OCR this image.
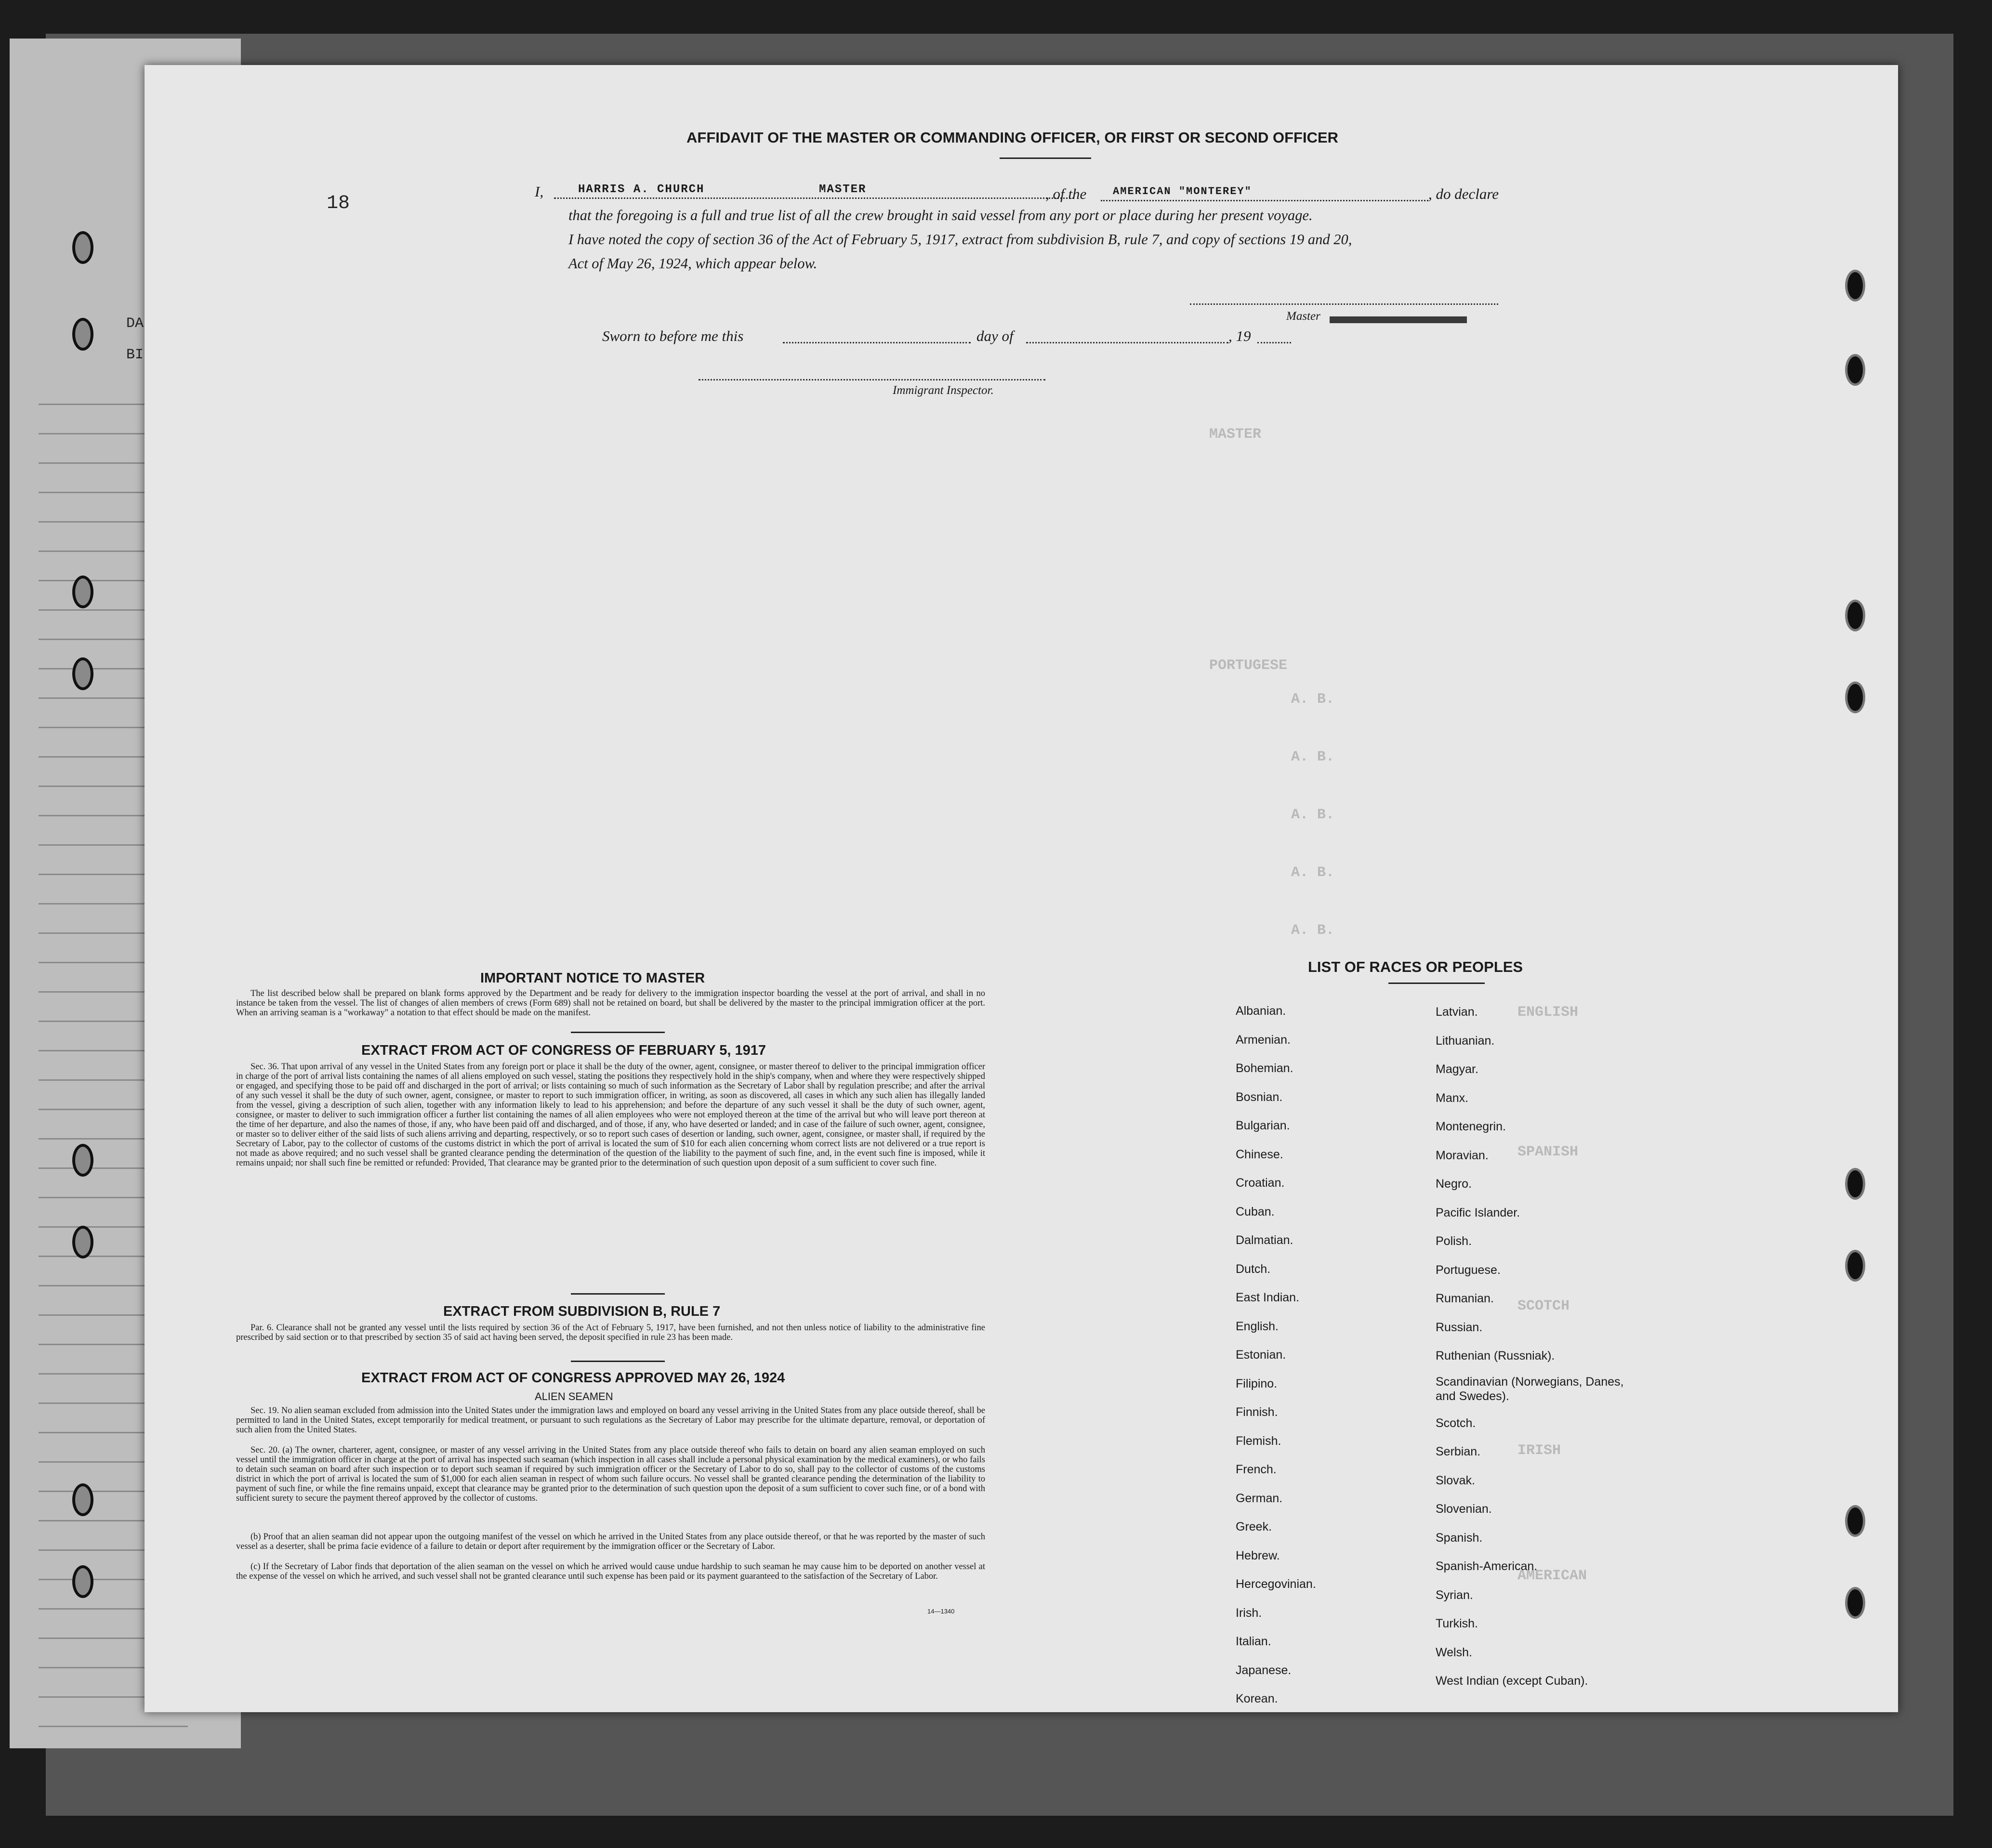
DA
BI
MASTER
A. B.
A. B.
A. B.
A. B.
A. B.
PORTUGESE
ENGLISH
SPANISH
SCOTCH
IRISH
AMERICAN
AFFIDAVIT OF THE MASTER OR COMMANDING OFFICER, OR FIRST OR SECOND OFFICER
18
I,	HARRIS A. CHURCH	MASTER	, of the AMERICAN "MONTEREY"	, do declare
that the foregoing is a full and true list of all the crew brought in said vessel from any port or place during her present voyage.
I have noted the copy of section 36 of the Act of February 5, 1917, extract from subdivision B, rule 7, and copy of sections 19 and 20,
Act of May 26, 1924, which appear below.
Master
Sworn to before me this	day of	, 19
Immigrant Inspector.
IMPORTANT NOTICE TO MASTER
The list described below shall be prepared on blank forms approved by the Department and be ready for delivery to the immigration inspector boarding the vessel at the port of arrival, and shall in no instance be taken from the vessel. The list of changes of alien members of crews (Form 689) shall not be retained on board, but shall be delivered by the master to the principal immigration officer at the port. When an arriving seaman is a "workaway" a notation to that effect should be made on the manifest.
EXTRACT FROM ACT OF CONGRESS OF FEBRUARY 5, 1917
Sec. 36. That upon arrival of any vessel in the United States from any foreign port or place it shall be the duty of the owner, agent, consignee, or master thereof to deliver to the principal immigration officer in charge of the port of arrival lists containing the names of all aliens employed on such vessel, stating the positions they respectively hold in the ship's company, when and where they were respectively shipped or engaged, and specifying those to be paid off and discharged in the port of arrival; or lists containing so much of such information as the Secretary of Labor shall by regulation prescribe; and after the arrival of any such vessel it shall be the duty of such owner, agent, consignee, or master to report to such immigration officer, in writing, as soon as discovered, all cases in which any such alien has illegally landed from the vessel, giving a description of such alien, together with any information likely to lead to his apprehension; and before the departure of any such vessel it shall be the duty of such owner, agent, consignee, or master to deliver to such immigration officer a further list containing the names of all alien employees who were not employed thereon at the time of the arrival but who will leave port thereon at the time of her departure, and also the names of those, if any, who have been paid off and discharged, and of those, if any, who have deserted or landed; and in case of the failure of such owner, agent, consignee, or master so to deliver either of the said lists of such aliens arriving and departing, respectively, or so to report such cases of desertion or landing, such owner, agent, consignee, or master shall, if required by the Secretary of Labor, pay to the collector of customs of the customs district in which the port of arrival is located the sum of $10 for each alien concerning whom correct lists are not delivered or a true report is not made as above required; and no such vessel shall be granted clearance pending the determination of the question of the liability to the payment of such fine, and, in the event such fine is imposed, while it remains unpaid; nor shall such fine be remitted or refunded: Provided, That clearance may be granted prior to the determination of such question upon deposit of a sum sufficient to cover such fine.
EXTRACT FROM SUBDIVISION B, RULE 7
Par. 6. Clearance shall not be granted any vessel until the lists required by section 36 of the Act of February 5, 1917, have been furnished, and not then unless notice of liability to the administrative fine prescribed by said section or to that prescribed by section 35 of said act having been served, the deposit specified in rule 23 has been made.
EXTRACT FROM ACT OF CONGRESS APPROVED MAY 26, 1924
ALIEN SEAMEN
Sec. 19. No alien seaman excluded from admission into the United States under the immigration laws and employed on board any vessel arriving in the United States from any place outside thereof, shall be permitted to land in the United States, except temporarily for medical treatment, or pursuant to such regulations as the Secretary of Labor may prescribe for the ultimate departure, removal, or deportation of such alien from the United States.
Sec. 20. (a) The owner, charterer, agent, consignee, or master of any vessel arriving in the United States from any place outside thereof who fails to detain on board any alien seaman employed on such vessel until the immigration officer in charge at the port of arrival has inspected such seaman (which inspection in all cases shall include a personal physical examination by the medical examiners), or who fails to detain such seaman on board after such inspection or to deport such seaman if required by such immigration officer or the Secretary of Labor to do so, shall pay to the collector of customs of the customs district in which the port of arrival is located the sum of $1,000 for each alien seaman in respect of whom such failure occurs. No vessel shall be granted clearance pending the determination of the liability to payment of such fine, or while the fine remains unpaid, except that clearance may be granted prior to the determination of such question upon the deposit of a sum sufficient to cover such fine, or of a bond with sufficient surety to secure the payment thereof approved by the collector of customs.
(b) Proof that an alien seaman did not appear upon the outgoing manifest of the vessel on which he arrived in the United States from any place outside thereof, or that he was reported by the master of such vessel as a deserter, shall be prima facie evidence of a failure to detain or deport after requirement by the immigration officer or the Secretary of Labor.
(c) If the Secretary of Labor finds that deportation of the alien seaman on the vessel on which he arrived would cause undue hardship to such seaman he may cause him to be deported on another vessel at the expense of the vessel on which he arrived, and such vessel shall not be granted clearance until such expense has been paid or its payment guaranteed to the satisfaction of the Secretary of Labor.
14—1340
LIST OF RACES OR PEOPLES
Albanian.
Armenian.
Bohemian.
Bosnian.
Bulgarian.
Chinese.
Croatian.
Cuban.
Dalmatian.
Dutch.
East Indian.
English.
Estonian.
Filipino.
Finnish.
Flemish.
French.
German.
Greek.
Hebrew.
Hercegovinian.
Irish.
Italian.
Japanese.
Korean.
Latvian.
Lithuanian.
Magyar.
Manx.
Montenegrin.
Moravian.
Negro.
Pacific Islander.
Polish.
Portuguese.
Rumanian.
Russian.
Ruthenian (Russniak).
Scandinavian (Norwegians, Danes, and Swedes).
Scotch.
Serbian.
Slovak.
Slovenian.
Spanish.
Spanish-American.
Syrian.
Turkish.
Welsh.
West Indian (except Cuban).
